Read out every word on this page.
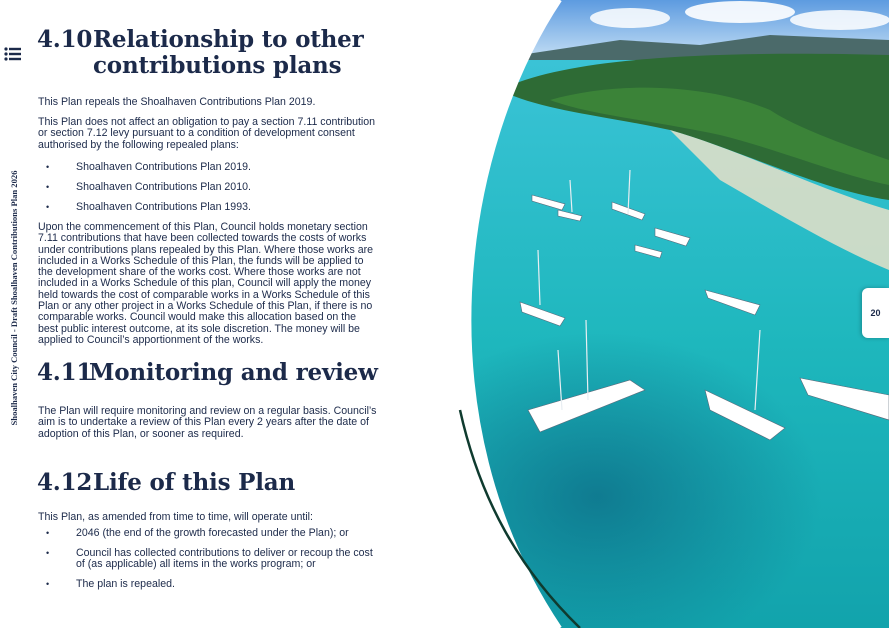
Shoalhaven City Council - Draft Shoalhaven Contributions Plan 2026
4.10Relationship to other
contributions plans

This Plan repeals the Shoalhaven Contributions Plan 2019.

This Plan does not affect an obligation to pay a section 7.11 contribution
or section 7.12 levy pursuant to a condition of development consent
authorised by the following repealed plans:

• Shoalhaven Contributions Plan 2019.
• Shoalhaven Contributions Plan 2010.
• Shoalhaven Contributions Plan 1993.

Upon the commencement of this Plan, Council holds monetary section
7.11 contributions that have been collected towards the costs of works
under contributions plans repealed by this Plan. Where those works are
included in a Works Schedule of this Plan, the funds will be applied to
the development share of the works cost. Where those works are not
included in a Works Schedule of this plan, Council will apply the money
held towards the cost of comparable works in a Works Schedule of this
Plan or any other project in a Works Schedule of this Plan, if there is no
comparable works. Council would make this allocation based on the
best public interest outcome, at its sole discretion. The money will be
applied to Council’s apportionment of the works.

4.11Monitoring and review

The Plan will require monitoring and review on a regular basis. Council’s
aim is to undertake a review of this Plan every 2 years after the date of
adoption of this Plan, or sooner as required.

4.12Life of this Plan

This Plan, as amended from time to time, will operate until:

• 2046 (the end of the growth forecasted under the Plan); or
• Council has collected contributions to deliver or recoup the cost
of (as applicable) all items in the works program; or
• The plan is repealed.
20
